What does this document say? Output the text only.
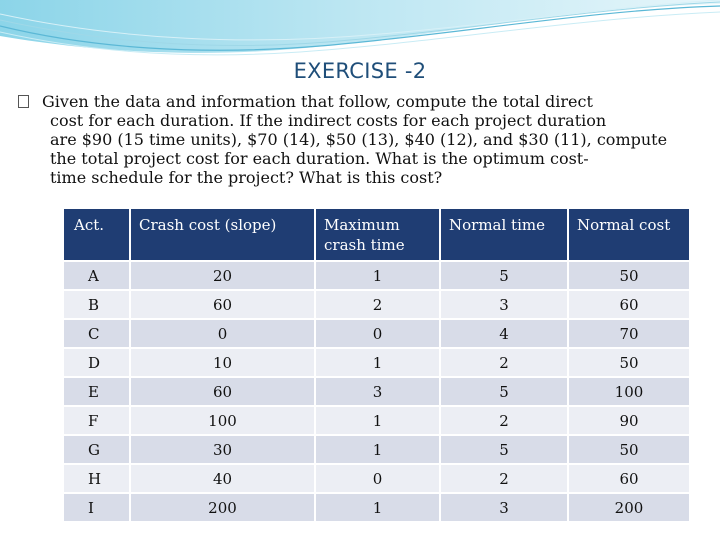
EXERCISE -2

Given the data and information that follow, compute the total direct

cost for each duration. If the indirect costs for each project duration

are $90 (15 time units), $70 (14), $50 (13), $40 (12), and $30 (11), compute

the total project cost for each duration. What is the optimum cost-

time schedule for the project? What is this cost?

Act.	Crash cost (slope)	Maximum crash time	Normal time	Normal cost
A	20	1	5	50
B	60	2	3	60
C	0	0	4	70
D	10	1	2	50
E	60	3	5	100
F	100	1	2	90
G	30	1	5	50
H	40	0	2	60
I	200	1	3	200
